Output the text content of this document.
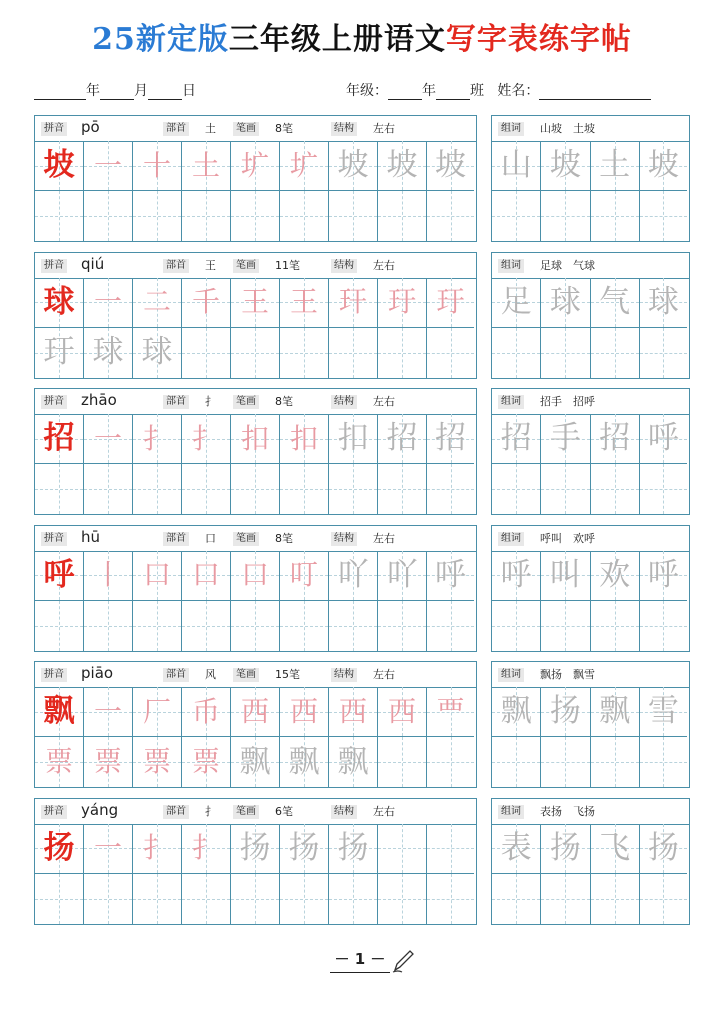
25新定版三年级上册语文写字表练字帖
年 月 日	年级： 年 班 姓名：
拼音 pō	部首 土	笔画 8笔	结构 左右
坡 一 十 土 圹 圹 坡 坡 坡
组词 山坡　土坡
山 坡 土 坡
拼音 qiú	部首 王	笔画 11笔	结构 左右
球 一 二 千 王 王 玕 玗 玗
玗 球 球
组词 足球　气球
足 球 气 球
拼音 zhāo	部首 扌	笔画 8笔	结构 左右
招 一 扌 扌 扣 扣 扣 招 招
组词 招手　招呼
招 手 招 呼
拼音 hū	部首 口	笔画 8笔	结构 左右
呼 丨 口 口 口 叮 吖 吖 呼
组词 呼叫　欢呼
呼 叫 欢 呼
拼音 piāo	部首 风	笔画 15笔	结构 左右
飘 一 厂 币 西 西 西 西 覀
票 票 票 票 飘 飘 飘
组词 飘扬　飘雪
飘 扬 飘 雪
拼音 yáng	部首 扌	笔画 6笔	结构 左右
扬 一 扌 扌 扬 扬 扬
组词 表扬　飞扬
表 扬 飞 扬
－ 1 －
